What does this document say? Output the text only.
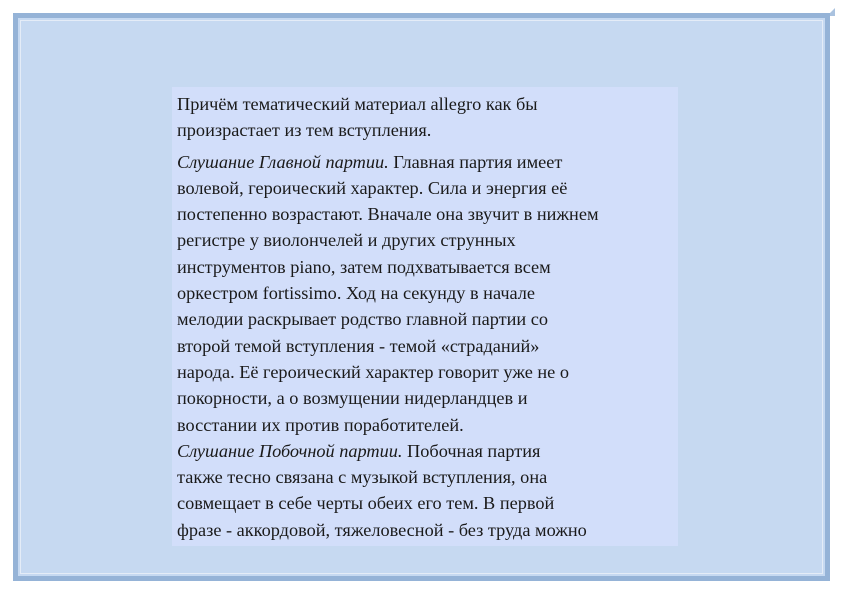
Причём тематический материал allegro как бы
произрастает из тем вступления.

Слушание Главной партии. Главная партия имеет
волевой, героический характер. Сила и энергия её
постепенно возрастают. Вначале она звучит в нижнем
регистре у виолончелей и других струнных
инструментов piano, затем подхватывается всем
оркестром fortissimo. Ход на секунду в начале
мелодии раскрывает родство главной партии со
второй темой вступления - темой «страданий»
народа. Её героический характер говорит уже не о
покорности, а о возмущении нидерландцев и
восстании их против поработителей.

Слушание Побочной партии. Побочная партия
также тесно связана с музыкой вступления, она
совмещает в себе черты обеих его тем. В первой
фразе - аккордовой, тяжеловесной - без труда можно
